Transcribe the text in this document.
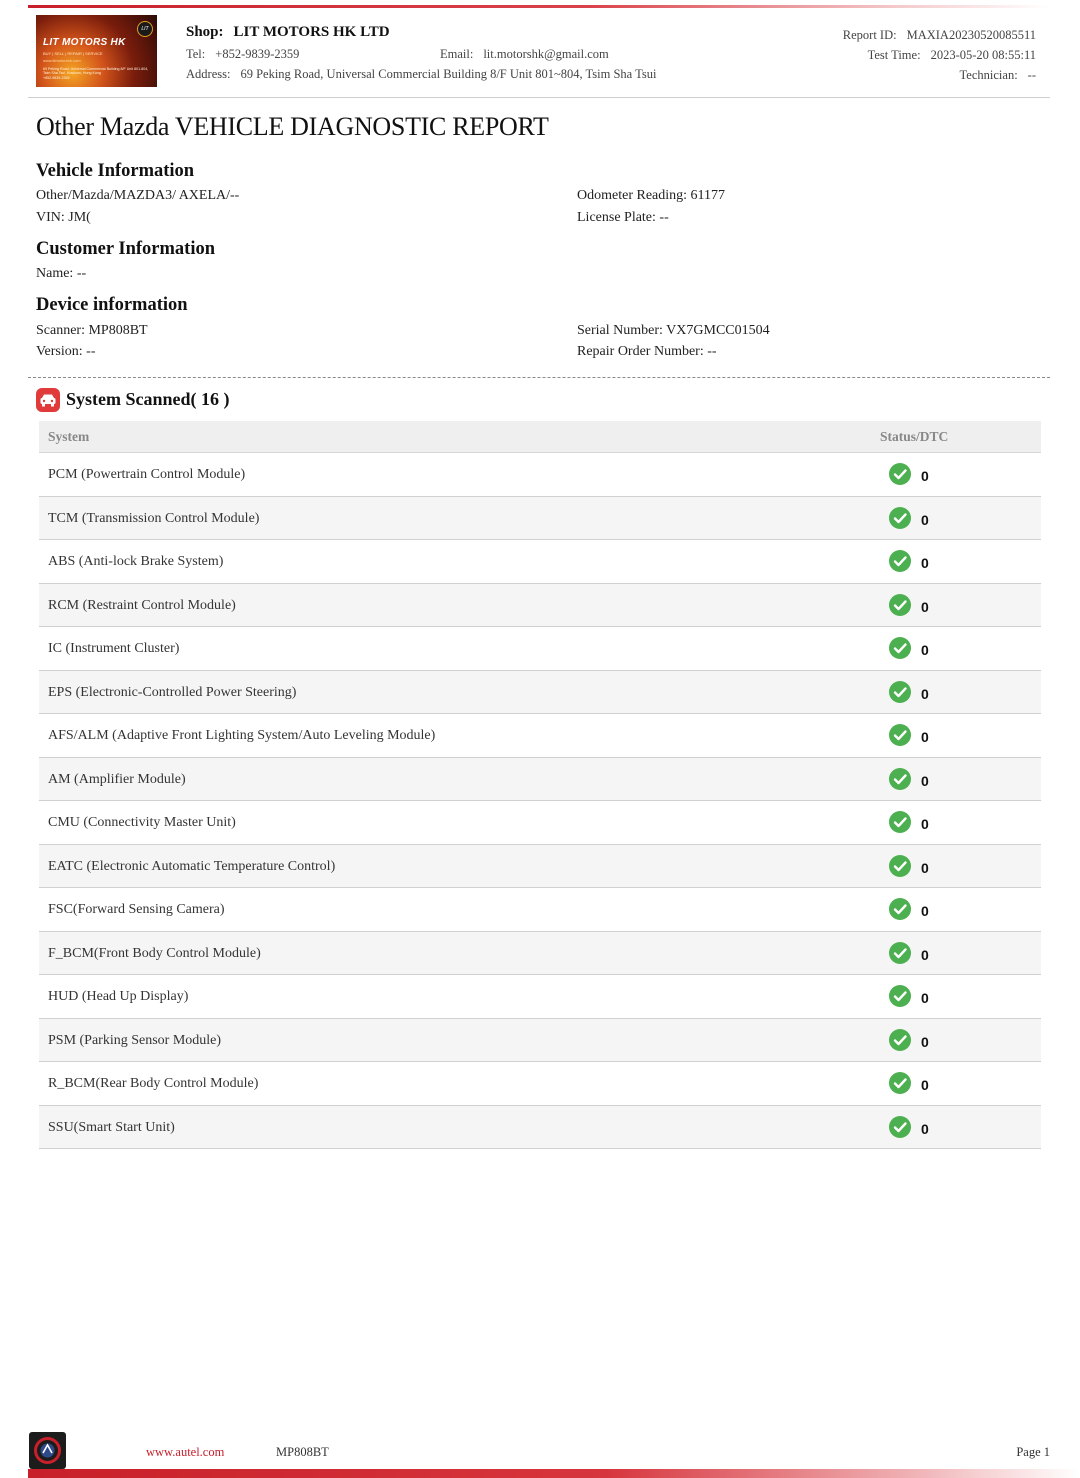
LIT
LIT MOTORS HK
BUY | SELL | REPAIR | SERVICE
www.litmotorshk.com
69 Peking Road, Universal Commercial Building 8/F Unit 801-804, Tsim Sha Tsui, Kowloon, Hong Kong
+852-9839-2359
Shop: LIT MOTORS HK LTD
Tel: +852-9839-2359	Email: lit.motorshk@gmail.com
Address: 69 Peking Road, Universal Commercial Building 8/F Unit 801~804, Tsim Sha Tsui
Report ID: MAXIA20230520085511
Test Time: 2023-05-20 08:55:11
Technician: --
Other Mazda VEHICLE DIAGNOSTIC REPORT
Vehicle Information
Other/Mazda/MAZDA3/ AXELA/--	Odometer Reading: 61177
VIN: JM(	License Plate: --
Customer Information
Name: --
Device information
Scanner: MP808BT	Serial Number: VX7GMCC01504
Version: --	Repair Order Number: --
System Scanned( 16 )
System	Status/DTC
PCM (Powertrain Control Module)	0
TCM (Transmission Control Module)	0
ABS (Anti-lock Brake System)	0
RCM (Restraint Control Module)	0
IC (Instrument Cluster)	0
EPS (Electronic-Controlled Power Steering)	0
AFS/ALM (Adaptive Front Lighting System/Auto Leveling Module)	0
AM (Amplifier Module)	0
CMU (Connectivity Master Unit)	0
EATC (Electronic Automatic Temperature Control)	0
FSC(Forward Sensing Camera)	0
F_BCM(Front Body Control Module)	0
HUD (Head Up Display)	0
PSM (Parking Sensor Module)	0
R_BCM(Rear Body Control Module)	0
SSU(Smart Start Unit)	0
www.autel.com	MP808BT	Page 1
